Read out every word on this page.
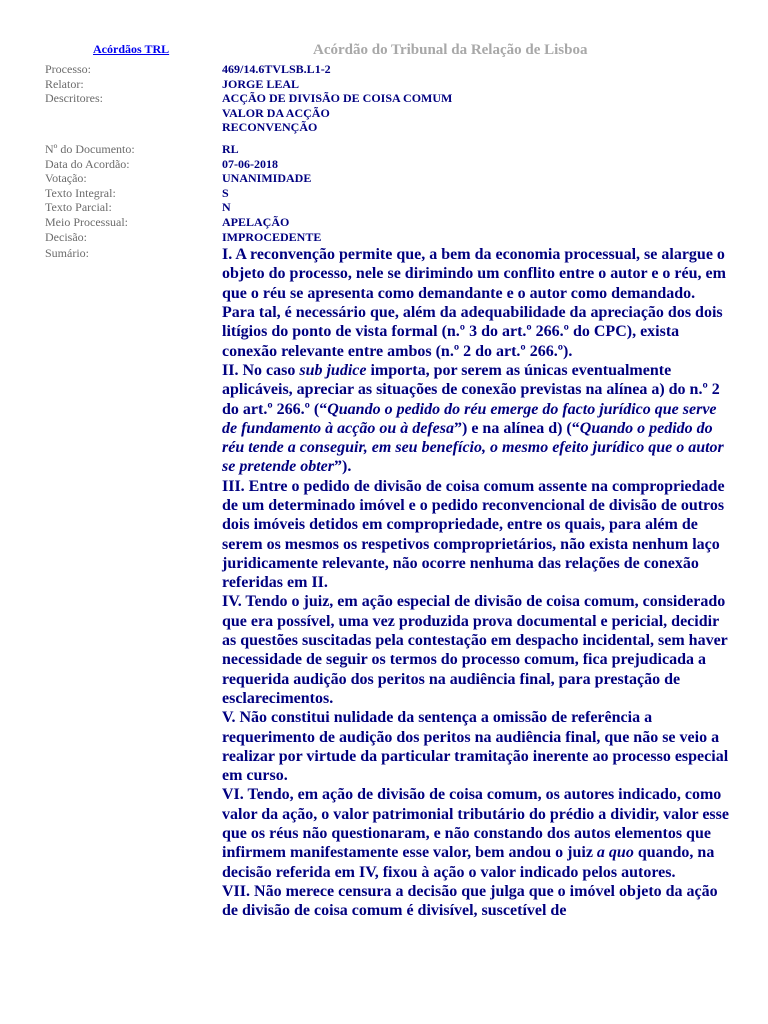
Acórdãos TRL	Acórdão do Tribunal da Relação de Lisboa
Processo:	469/14.6TVLSB.L1-2
Relator:	JORGE LEAL
Descritores:	ACÇÃO DE DIVISÃO DE COISA COMUM
VALOR DA ACÇÃO
RECONVENÇÃO
Nº do Documento:	RL
Data do Acordão:	07-06-2018
Votação:	UNANIMIDADE
Texto Integral:	S
Texto Parcial:	N
Meio Processual:	APELAÇÃO
Decisão:	IMPROCEDENTE
Sumário:	I. A reconvenção permite que, a bem da economia processual, se alargue o objeto do processo, nele se dirimindo um conflito entre o autor e o réu, em que o réu se apresenta como demandante e o autor como demandado. Para tal, é necessário que, além da adequabilidade da apreciação dos dois litígios do ponto de vista formal (n.º 3 do art.º 266.º do CPC), exista conexão relevante entre ambos (n.º 2 do art.º 266.º).

II. No caso sub judice importa, por serem as únicas eventualmente aplicáveis, apreciar as situações de conexão previstas na alínea a) do n.º 2 do art.º 266.º (“Quando o pedido do réu emerge do facto jurídico que serve de fundamento à acção ou à defesa”) e na alínea d) (“Quando o pedido do réu tende a conseguir, em seu benefício, o mesmo efeito jurídico que o autor se pretende obter”).

III. Entre o pedido de divisão de coisa comum assente na compropriedade de um determinado imóvel e o pedido reconvencional de divisão de outros dois imóveis detidos em compropriedade, entre os quais, para além de serem os mesmos os respetivos comproprietários, não exista nenhum laço juridicamente relevante, não ocorre nenhuma das relações de conexão referidas em II.

IV. Tendo o juiz, em ação especial de divisão de coisa comum, considerado que era possível, uma vez produzida prova documental e pericial, decidir as questões suscitadas pela contestação em despacho incidental, sem haver necessidade de seguir os termos do processo comum, fica prejudicada a requerida audição dos peritos na audiência final, para prestação de esclarecimentos.

V. Não constitui nulidade da sentença a omissão de referência a requerimento de audição dos peritos na audiência final, que não se veio a realizar por virtude da particular tramitação inerente ao processo especial em curso.

VI. Tendo, em ação de divisão de coisa comum, os autores indicado, como valor da ação, o valor patrimonial tributário do prédio a dividir, valor esse que os réus não questionaram, e não constando dos autos elementos que infirmem manifestamente esse valor, bem andou o juiz a quo quando, na decisão referida em IV, fixou à ação o valor indicado pelos autores.

VII. Não merece censura a decisão que julga que o imóvel objeto da ação de divisão de coisa comum é divisível, suscetível de
